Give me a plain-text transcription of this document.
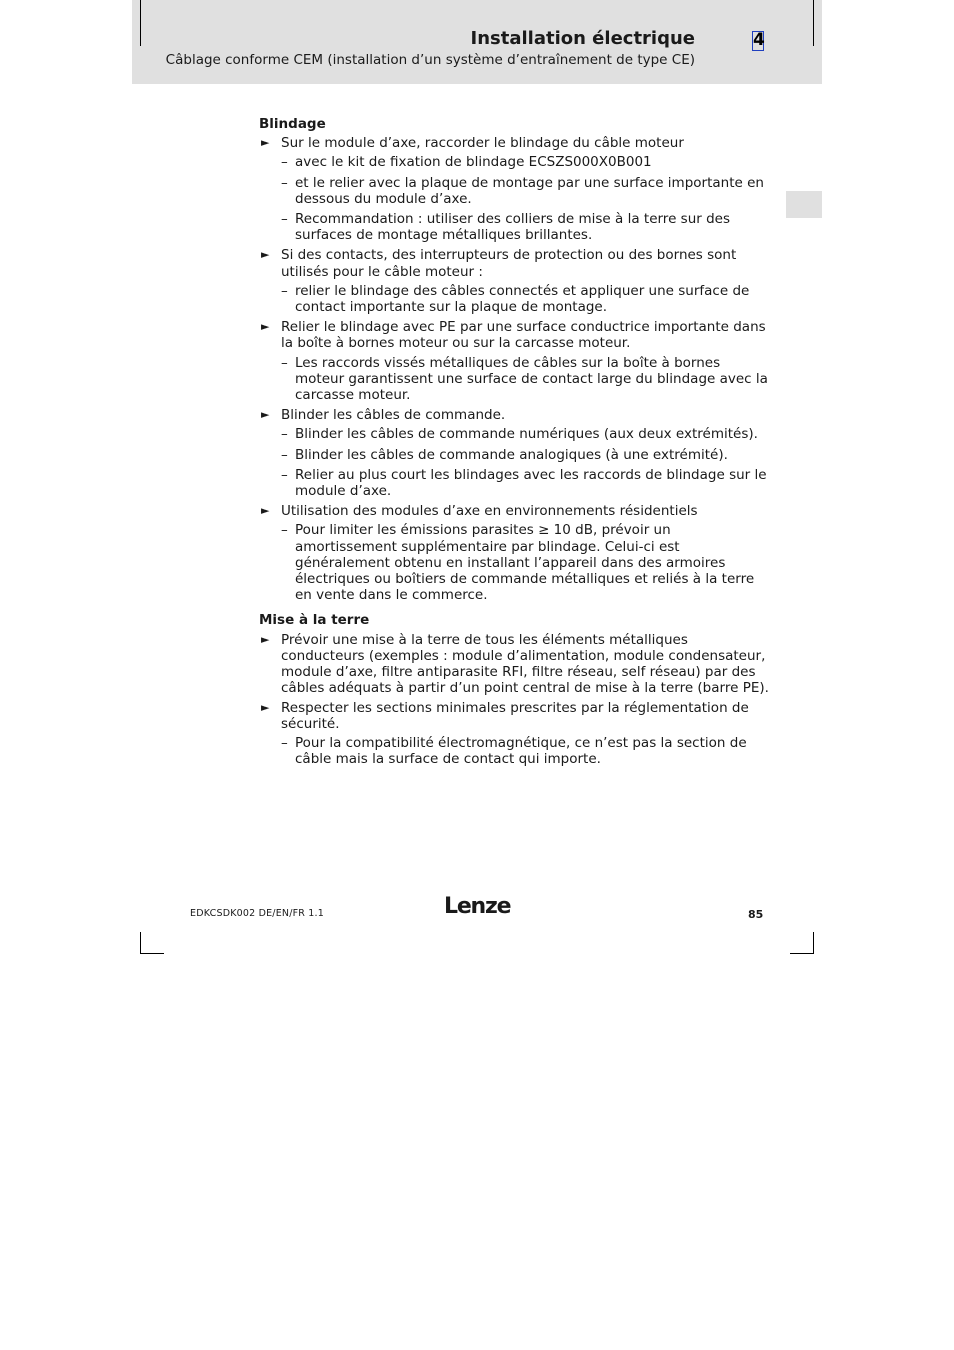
Installation électrique
Câblage conforme CEM (installation d’un système d’entraînement de type CE)
4
Blindage
► Sur le module d’axe, raccorder le blindage du câble moteur
– avec le kit de fixation de blindage ECSZS000X0B001
– et le relier avec la plaque de montage par une surface importante en dessous du module d’axe.
– Recommandation : utiliser des colliers de mise à la terre sur des surfaces de montage métalliques brillantes.
► Si des contacts, des interrupteurs de protection ou des bornes sont utilisés pour le câble moteur :
– relier le blindage des câbles connectés et appliquer une surface de contact importante sur la plaque de montage.
► Relier le blindage avec PE par une surface conductrice importante dans la boîte à bornes moteur ou sur la carcasse moteur.
– Les raccords vissés métalliques de câbles sur la boîte à bornes moteur garantissent une surface de contact large du blindage avec la carcasse moteur.
► Blinder les câbles de commande.
– Blinder les câbles de commande numériques (aux deux extrémités).
– Blinder les câbles de commande analogiques (à une extrémité).
– Relier au plus court les blindages avec les raccords de blindage sur le module d’axe.
► Utilisation des modules d’axe en environnements résidentiels
– Pour limiter les émissions parasites ≥ 10 dB, prévoir un amortissement supplémentaire par blindage. Celui-ci est généralement obtenu en installant l’appareil dans des armoires électriques ou boîtiers de commande métalliques et reliés à la terre en vente dans le commerce.
Mise à la terre
► Prévoir une mise à la terre de tous les éléments métalliques conducteurs (exemples : module d’alimentation, module condensateur, module d’axe, filtre antiparasite RFI, filtre réseau, self réseau) par des câbles adéquats à partir d’un point central de mise à la terre (barre PE).
► Respecter les sections minimales prescrites par la réglementation de sécurité.
– Pour la compatibilité électromagnétique, ce n’est pas la section de câble mais la surface de contact qui importe.
EDKCSDK002 DE/EN/FR 1.1	Lenze	85
